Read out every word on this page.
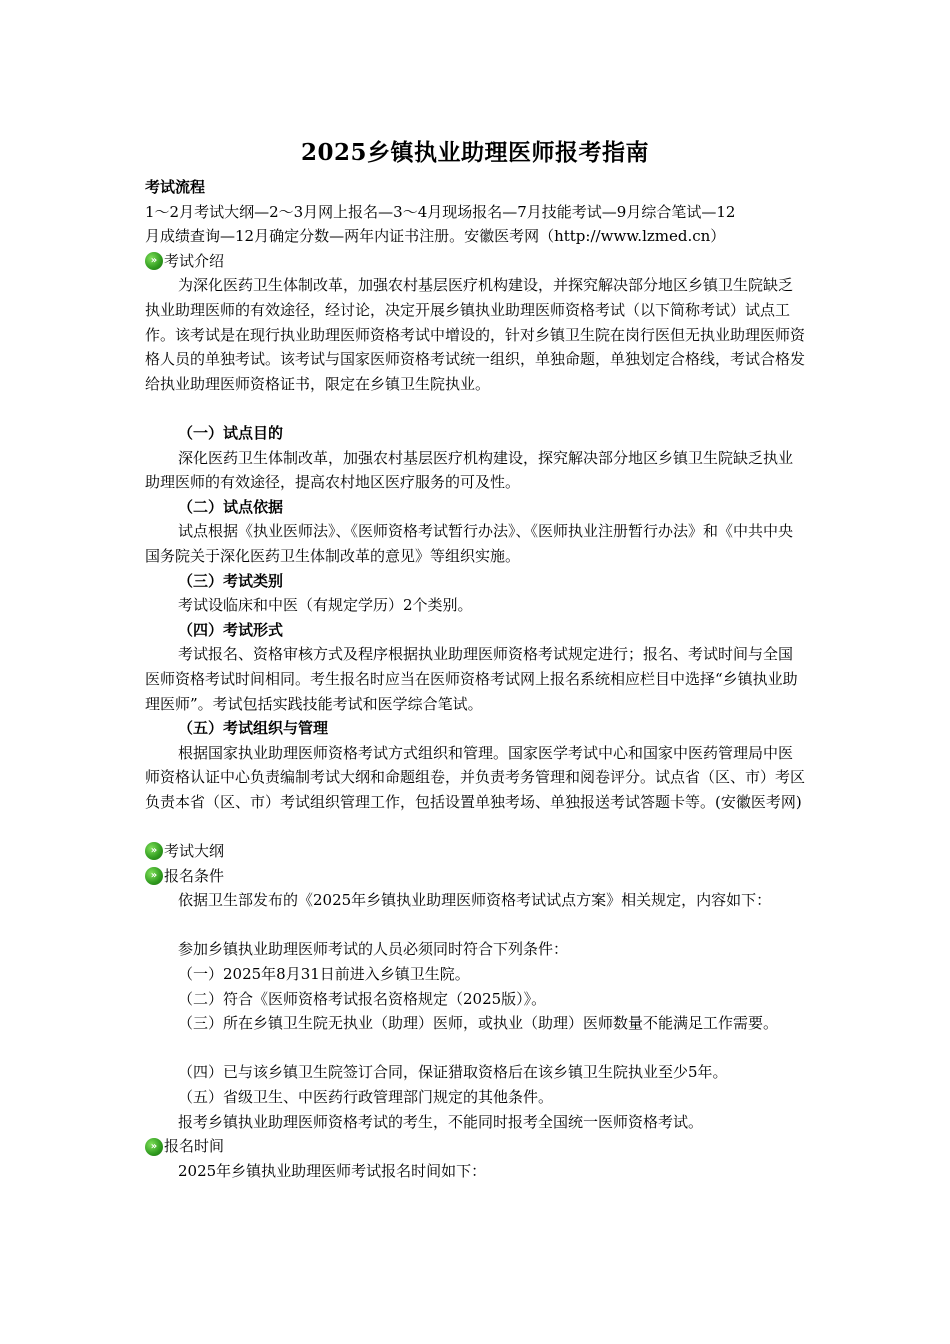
2025乡镇执业助理医师报考指南
考试流程
1～2月考试大纲—2～3月网上报名—3～4月现场报名—7月技能考试—9月综合笔试—12
月成绩查询—12月确定分数—两年内证书注册。安徽医考网（http://www.lzmed.cn）
» 考试介绍
为深化医药卫生体制改革，加强农村基层医疗机构建设，并探究解决部分地区乡镇卫生院缺乏执业助理医师的有效途径，经讨论，决定开展乡镇执业助理医师资格考试（以下简称考试）试点工作。该考试是在现行执业助理医师资格考试中增设的，针对乡镇卫生院在岗行医但无执业助理医师资格人员的单独考试。该考试与国家医师资格考试统一组织，单独命题，单独划定合格线，考试合格发给执业助理医师资格证书，限定在乡镇卫生院执业。
（一）试点目的
深化医药卫生体制改革，加强农村基层医疗机构建设，探究解决部分地区乡镇卫生院缺乏执业助理医师的有效途径，提高农村地区医疗服务的可及性。
（二）试点依据
试点根据《执业医师法》、《医师资格考试暂行办法》、《医师执业注册暂行办法》和《中共中央国务院关于深化医药卫生体制改革的意见》等组织实施。
（三）考试类别
考试设临床和中医（有规定学历）2个类别。
（四）考试形式
考试报名、资格审核方式及程序根据执业助理医师资格考试规定进行；报名、考试时间与全国医师资格考试时间相同。考生报名时应当在医师资格考试网上报名系统相应栏目中选择“乡镇执业助理医师”。考试包括实践技能考试和医学综合笔试。
（五）考试组织与管理
根据国家执业助理医师资格考试方式组织和管理。国家医学考试中心和国家中医药管理局中医师资格认证中心负责编制考试大纲和命题组卷，并负责考务管理和阅卷评分。试点省（区、市）考区负责本省（区、市）考试组织管理工作，包括设置单独考场、单独报送考试答题卡等。(安徽医考网)
» 考试大纲
» 报名条件
依据卫生部发布的《2025年乡镇执业助理医师资格考试试点方案》相关规定，内容如下：
参加乡镇执业助理医师考试的人员必须同时符合下列条件：
（一）2025年8月31日前进入乡镇卫生院。
（二）符合《医师资格考试报名资格规定（2025版）》。
（三）所在乡镇卫生院无执业（助理）医师，或执业（助理）医师数量不能满足工作需要。
（四）已与该乡镇卫生院签订合同，保证猎取资格后在该乡镇卫生院执业至少5年。
（五）省级卫生、中医药行政管理部门规定的其他条件。
报考乡镇执业助理医师资格考试的考生，不能同时报考全国统一医师资格考试。
» 报名时间
2025年乡镇执业助理医师考试报名时间如下：
